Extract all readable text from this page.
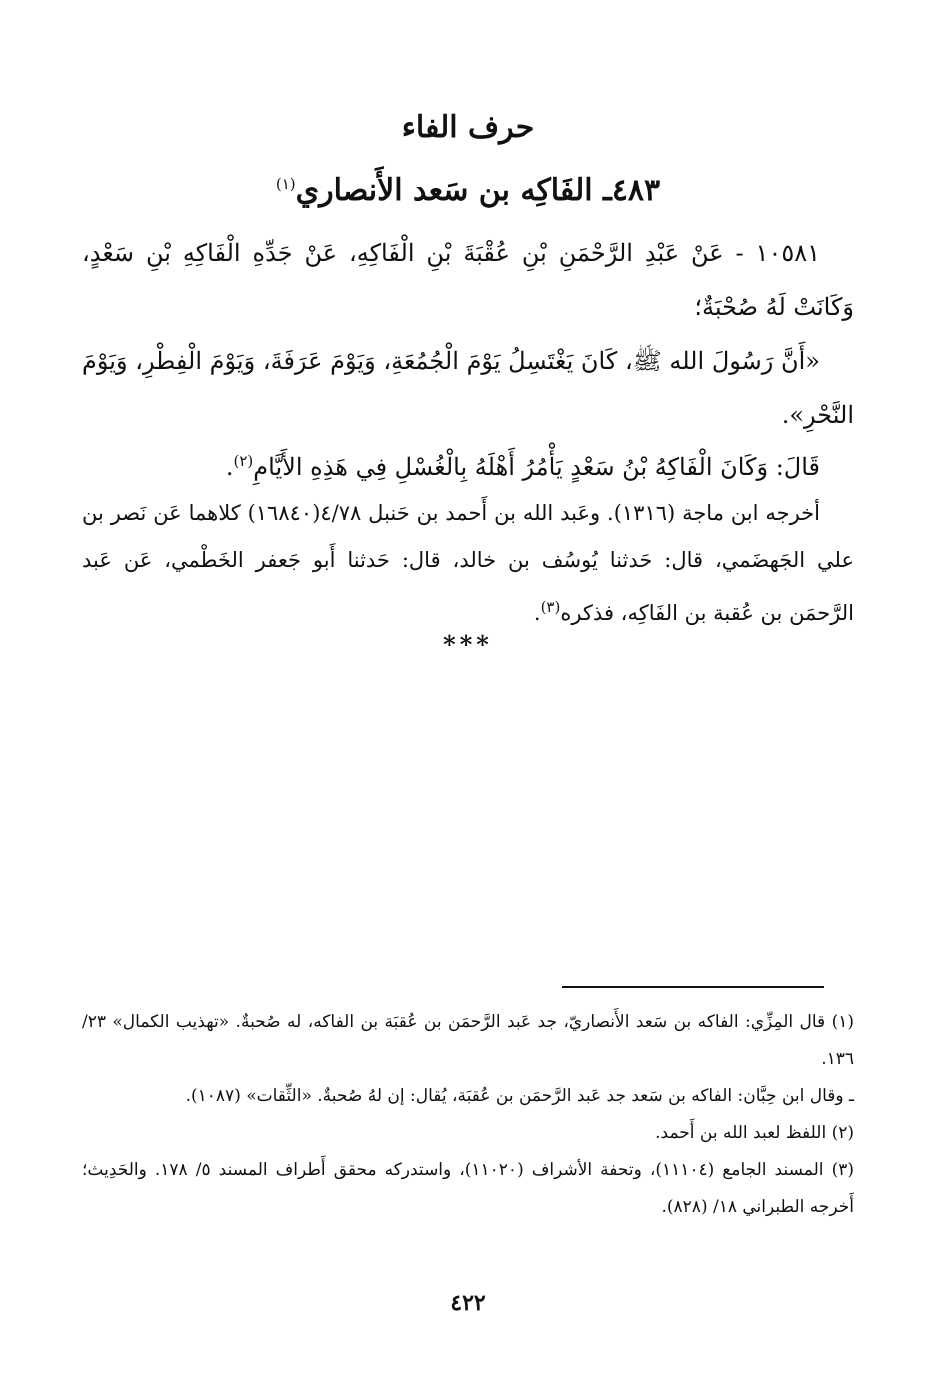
حرف الفاء
٤٨٣ـ الفَاكِه بن سَعد الأَنصاري$^{(١)}$
١٠٥٨١ - عَنْ عَبْدِ الرَّحْمَنِ بْنِ عُقْبَةَ بْنِ الْفَاكِهِ، عَنْ جَدِّهِ الْفَاكِهِ بْنِ سَعْدٍ، وَكَانَتْ لَهُ صُحْبَةٌ؛
«أَنَّ رَسُولَ الله ﷺ، كَانَ يَغْتَسِلُ يَوْمَ الْجُمُعَةِ، وَيَوْمَ عَرَفَةَ، وَيَوْمَ الْفِطْرِ، وَيَوْمَ النَّحْرِ».
قَالَ: وَكَانَ الْفَاكِهُ بْنُ سَعْدٍ يَأْمُرُ أَهْلَهُ بِالْغُسْلِ فِي هَذِهِ الأَيَّامِ$^{(٢)}$.
أخرجه ابن ماجة (١٣١٦). وعَبد الله بن أَحمد بن حَنبل ٤/٧٨(١٦٨٤٠) كلاهما عَن نَصر بن علي الجَهضَمي، قال: حَدثنا يُوسُف بن خالد، قال: حَدثنا أَبو جَعفر الخَطْمي، عَن عَبد الرَّحمَن بن عُقبة بن الفَاكِه، فذكره$^{(٣)}$.
***
(١) قال المِزِّي: الفاكه بن سَعد الأَنصاريّ، جد عَبد الرَّحمَن بن عُقبَة بن الفاكه، له صُحبةٌ. «تهذيب الكمال» ٢٣/ ١٣٦.
ـ وقال ابن حِبَّان: الفاكه بن سَعد جد عَبد الرَّحمَن بن عُقبَة، يُقال: إن لهُ صُحبةٌ. «الثِّقات» (١٠٨٧).
(٢) اللفظ لعبد الله بن أَحمد.
(٣) المسند الجامع (١١١٠٤)، وتحفة الأشراف (١١٠٢٠)، واستدركه محقق أَطراف المسند ٥/ ١٧٨. والحَدِيث؛ أَخرجه الطبراني ١٨/ (٨٢٨).
٤٢٢
